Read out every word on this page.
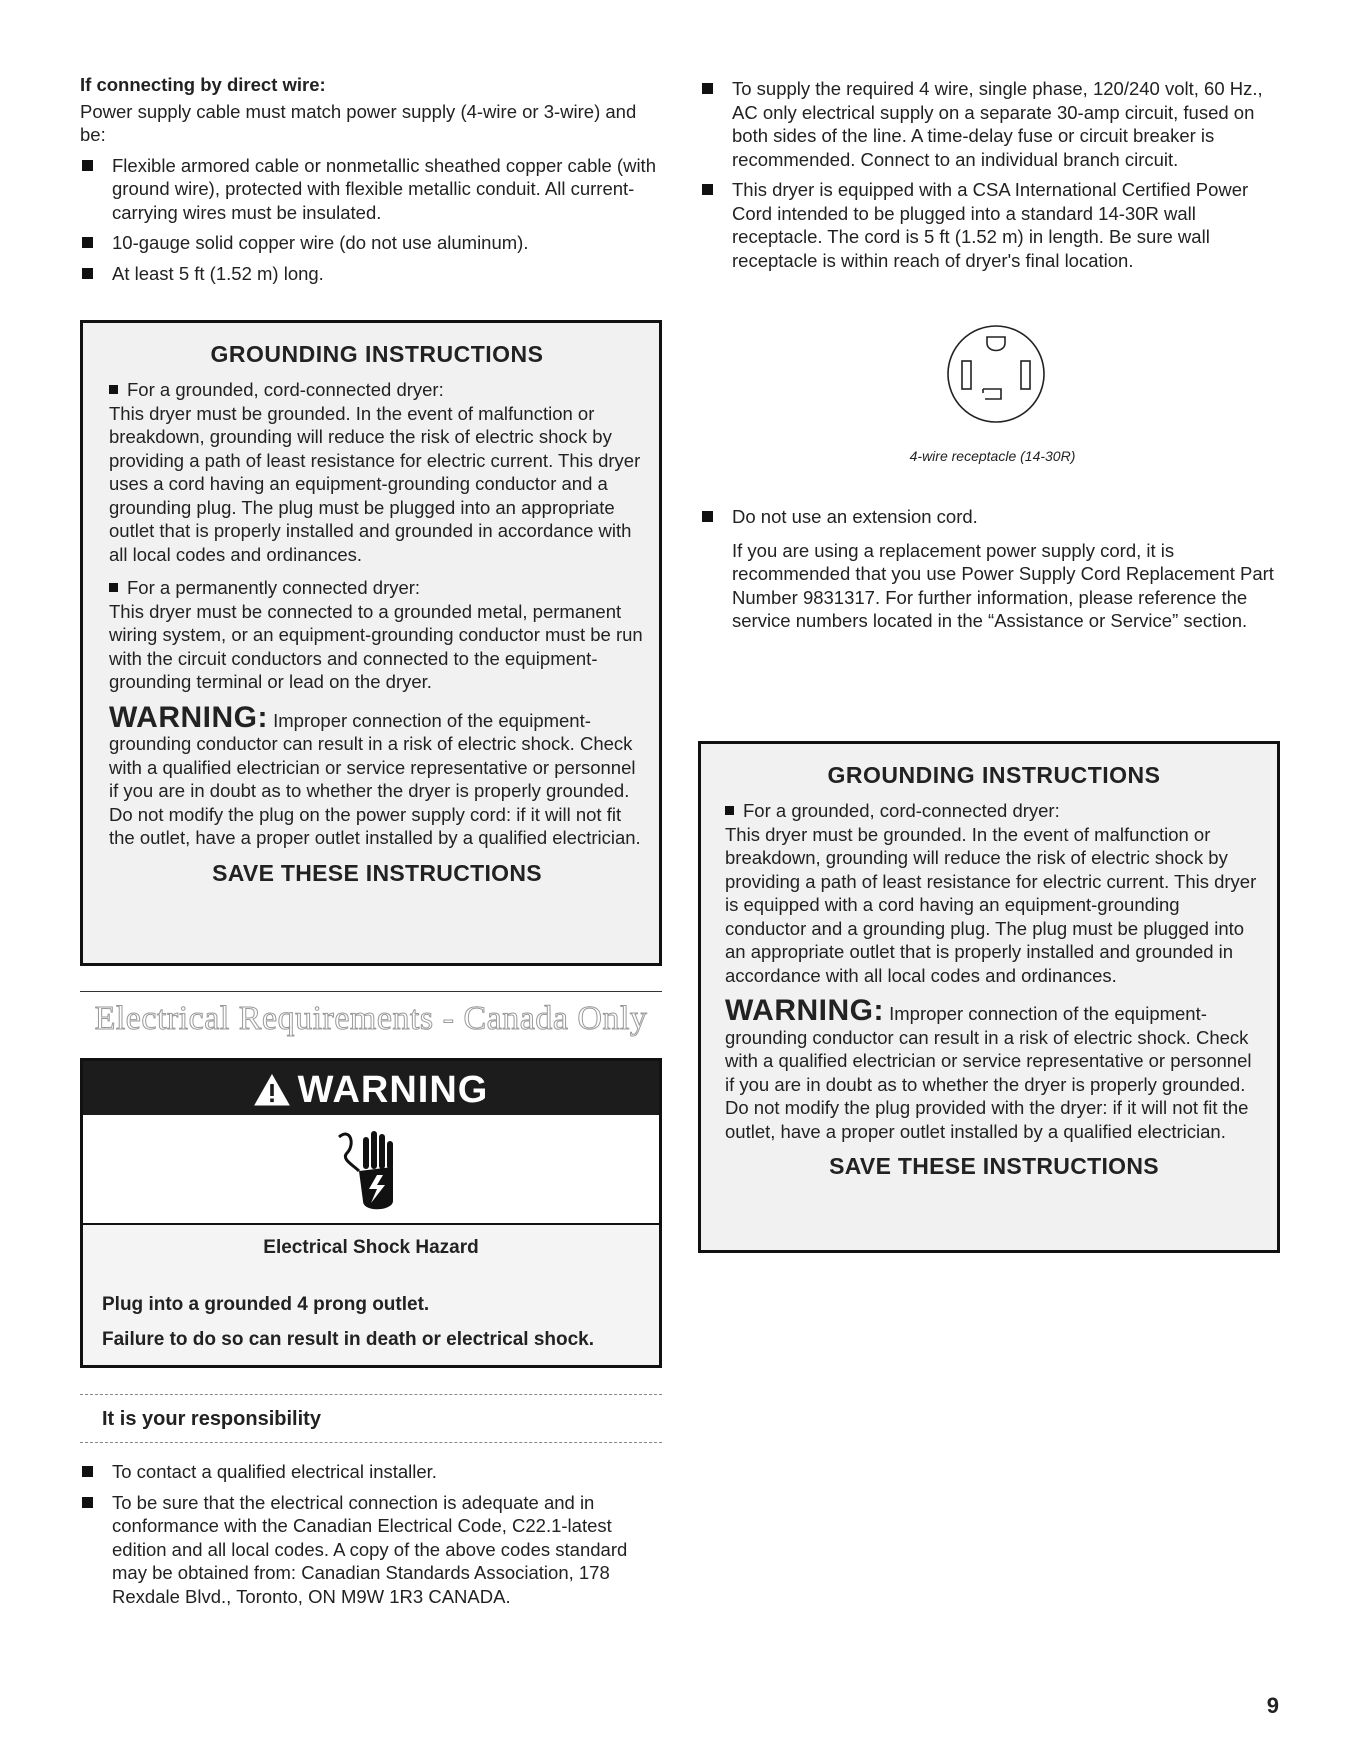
If connecting by direct wire:

Power supply cable must match power supply (4-wire or 3-wire) and be:

Flexible armored cable or nonmetallic sheathed copper cable (with ground wire), protected with flexible metallic conduit. All current-carrying wires must be insulated.
10-gauge solid copper wire (do not use aluminum).
At least 5 ft (1.52 m) long.
GROUNDING INSTRUCTIONS

For a grounded, cord-connected dryer:

This dryer must be grounded. In the event of malfunction or breakdown, grounding will reduce the risk of electric shock by providing a path of least resistance for electric current. This dryer uses a cord having an equipment-grounding conductor and a grounding plug. The plug must be plugged into an appropriate outlet that is properly installed and grounded in accordance with all local codes and ordinances.

For a permanently connected dryer:

This dryer must be connected to a grounded metal, permanent wiring system, or an equipment-grounding conductor must be run with the circuit conductors and connected to the equipment-grounding terminal or lead on the dryer.

WARNING: Improper connection of the equipment-grounding conductor can result in a risk of electric shock. Check with a qualified electrician or service representative or personnel if you are in doubt as to whether the dryer is properly grounded. Do not modify the plug on the power supply cord: if it will not fit the outlet, have a proper outlet installed by a qualified electrician.

SAVE THESE INSTRUCTIONS
Electrical Requirements - Canada Only
WARNING
Electrical Shock Hazard

Plug into a grounded 4 prong outlet.

Failure to do so can result in death or electrical shock.

It is your responsibility
To contact a qualified electrical installer.
To be sure that the electrical connection is adequate and in conformance with the Canadian Electrical Code, C22.1-latest edition and all local codes. A copy of the above codes standard may be obtained from: Canadian Standards Association, 178 Rexdale Blvd., Toronto, ON M9W 1R3 CANADA.
To supply the required 4 wire, single phase, 120/240 volt, 60 Hz., AC only electrical supply on a separate 30-amp circuit, fused on both sides of the line. A time-delay fuse or circuit breaker is recommended. Connect to an individual branch circuit.
This dryer is equipped with a CSA International Certified Power Cord intended to be plugged into a standard 14-30R wall receptacle. The cord is 5 ft (1.52 m) in length. Be sure wall receptacle is within reach of dryer's final location.
4-wire receptacle (14-30R)
Do not use an extension cord.

If you are using a replacement power supply cord, it is recommended that you use Power Supply Cord Replacement Part Number 9831317. For further information, please reference the service numbers located in the “Assistance or Service” section.

GROUNDING INSTRUCTIONS

For a grounded, cord-connected dryer:

This dryer must be grounded. In the event of malfunction or breakdown, grounding will reduce the risk of electric shock by providing a path of least resistance for electric current. This dryer is equipped with a cord having an equipment-grounding conductor and a grounding plug. The plug must be plugged into an appropriate outlet that is properly installed and grounded in accordance with all local codes and ordinances.

WARNING: Improper connection of the equipment-grounding conductor can result in a risk of electric shock. Check with a qualified electrician or service representative or personnel if you are in doubt as to whether the dryer is properly grounded. Do not modify the plug provided with the dryer: if it will not fit the outlet, have a proper outlet installed by a qualified electrician.

SAVE THESE INSTRUCTIONS
9
